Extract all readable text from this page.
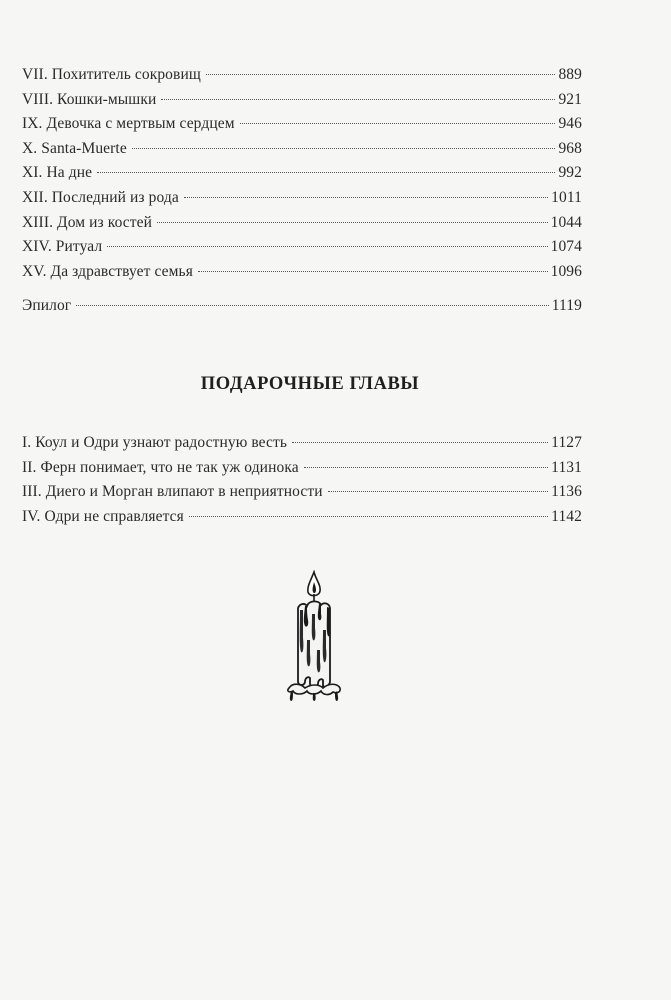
VII. Похититель сокровищ	889
VIII. Кошки-мышки	921
IX. Девочка с мертвым сердцем	946
X. Santa-Muerte	968
XI. На дне	992
XII. Последний из рода	1011
XIII. Дом из костей	1044
XIV. Ритуал	1074
XV. Да здравствует семья	1096
Эпилог	1119
ПОДАРОЧНЫЕ ГЛАВЫ
I. Коул и Одри узнают радостную весть	1127
II. Ферн понимает, что не так уж одинока	1131
III. Диего и Морган влипают в неприятности	1136
IV. Одри не справляется	1142
